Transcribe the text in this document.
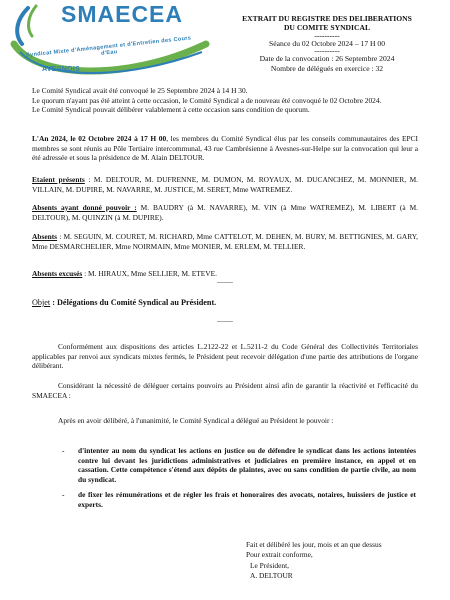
SMAECEA
Syndicat Mixte d'Aménagement et d'Entretien des Cours d'Eau
AVESNOIS
EXTRAIT DU REGISTRE DES DELIBERATIONS
DU COMITE SYNDICAL
----------
Séance du 02 Octobre 2024 – 17 H 00
----------
Date de la convocation : 26 Septembre 2024
Nombre de délégués en exercice : 32
Le Comité Syndical avait été convoqué le 25 Septembre 2024 à 14 H 30.
Le quorum n'ayant pas été atteint à cette occasion, le Comité Syndical a de nouveau été convoqué le 02 Octobre 2024.
Le Comité Syndical pouvait délibérer valablement à cette occasion sans condition de quorum.
L'An 2024, le 02 Octobre 2024 à 17 H 00, les membres du Comité Syndical élus par les conseils communautaires des EPCI membres se sont réunis au Pôle Tertiaire intercommunal, 43 rue Cambrésienne à Avesnes-sur-Helpe sur la convocation qui leur a été adressée et sous la présidence de M. Alain DELTOUR.
Etaient présents : M. DELTOUR, M. DUFRENNE, M. DUMON, M. ROYAUX, M. DUCANCHEZ, M. MONNIER, M. VILLAIN, M. DUPIRE, M. NAVARRE, M. JUSTICE, M. SERET, Mme WATREMEZ.
Absents ayant donné pouvoir : M. BAUDRY (à M. NAVARRE), M. VIN (à Mme WATREMEZ), M. LIBERT (à M. DELTOUR), M. QUINZIN (à M. DUPIRE).
Absents : M. SEGUIN, M. COURET, M. RICHARD, Mme CATTELOT, M. DEHEN, M. BURY, M. BETTIGNIES, M. GARY, Mme DESMARCHELIER, Mme NOIRMAIN, Mme MONIER, M. ERLEM, M. TELLIER.
Absents excusés : M. HIRAUX, Mme SELLIER, M. ETEVE.
--------
Objet : Délégations du Comité Syndical au Président.
--------
Conformément aux dispositions des articles L.2122-22 et L.5211-2 du Code Général des Collectivités Territoriales applicables par renvoi aux syndicats mixtes fermés, le Président peut recevoir délégation d'une partie des attributions de l'organe délibérant.
Considérant la nécessité de déléguer certains pouvoirs au Président ainsi afin de garantir la réactivité et l'efficacité du SMAECEA :
Après en avoir délibéré, à l'unanimité, le Comité Syndical a délégué au Président le pouvoir :
- d'intenter au nom du syndicat les actions en justice ou de défendre le syndicat dans les actions intentées contre lui devant les juridictions administratives et judiciaires en première instance, en appel et en cassation. Cette compétence s'étend aux dépôts de plaintes, avec ou sans condition de partie civile, au nom du syndicat.
- de fixer les rémunérations et de régler les frais et honoraires des avocats, notaires, huissiers de justice et experts.
Fait et délibéré les jour, mois et an que dessus
Pour extrait conforme,
Le Président,
A. DELTOUR
